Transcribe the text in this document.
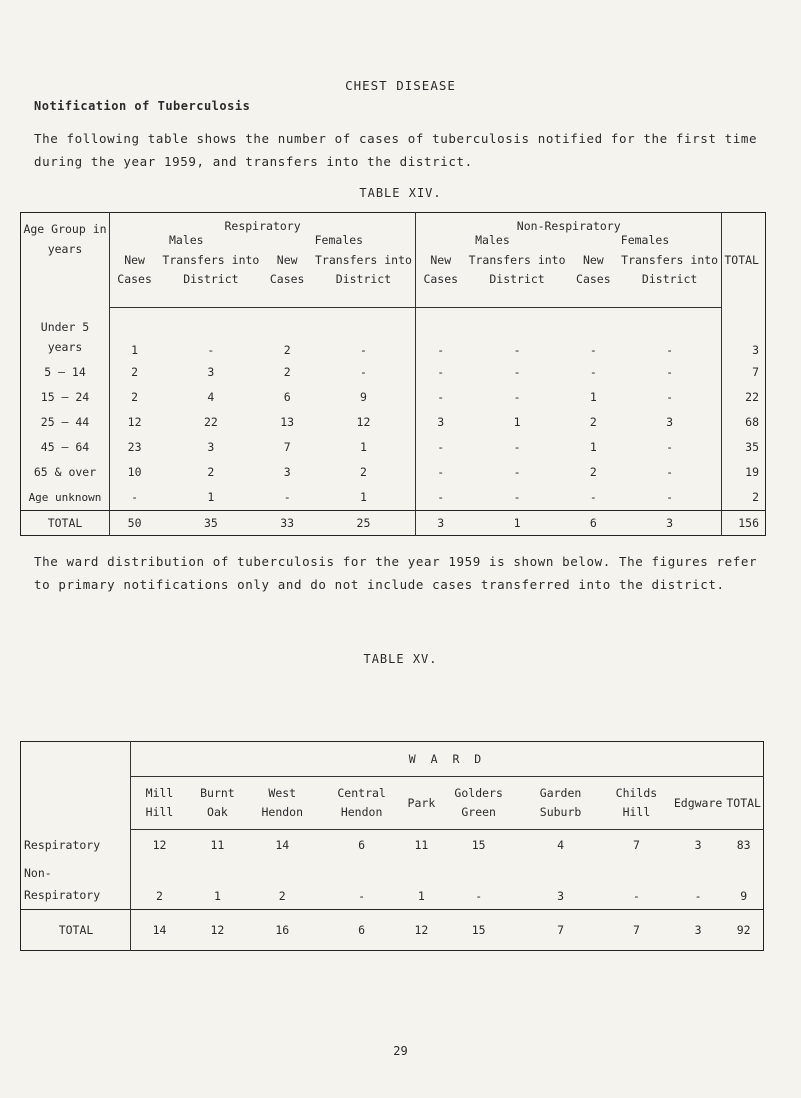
CHEST DISEASE
Notification of Tuberculosis
The following table shows the number of cases of tuberculosis notified for the first time during the year 1959, and transfers into the district.
TABLE XIV.
Age Group in years	Respiratory				Non-Respiratory				TOTAL
	Males		Females		Males		Females		
	New Cases	Transfers into District	New Cases	Transfers into District	New Cases	Transfers into District	New Cases	Transfers into District	
Under 5 years	1	-	2	-	-	-	-	-	3
5 — 14	2	3	2	-	-	-	-	-	7
15 — 24	2	4	6	9	-	-	1	-	22
25 — 44	12	22	13	12	3	1	2	3	68
45 — 64	23	3	7	1	-	-	1	-	35
65 & over	10	2	3	2	-	-	2	-	19
Age unknown	-	1	-	1	-	-	-	-	2
TOTAL	50	35	33	25	3	1	6	3	156
The ward distribution of tuberculosis for the year 1959 is shown below. The figures refer to primary notifications only and do not include cases transferred into the district.
TABLE XV.
	W A R D									
	Mill Hill	Burnt Oak	West Hendon	Central Hendon	Park	Golders Green	Garden Suburb	Childs Hill	Edgware	TOTAL
Respiratory	12	11	14	6	11	15	4	7	3	83
Non-Respiratory	2	1	2	-	1	-	3	-	-	9
TOTAL	14	12	16	6	12	15	7	7	3	92
29
